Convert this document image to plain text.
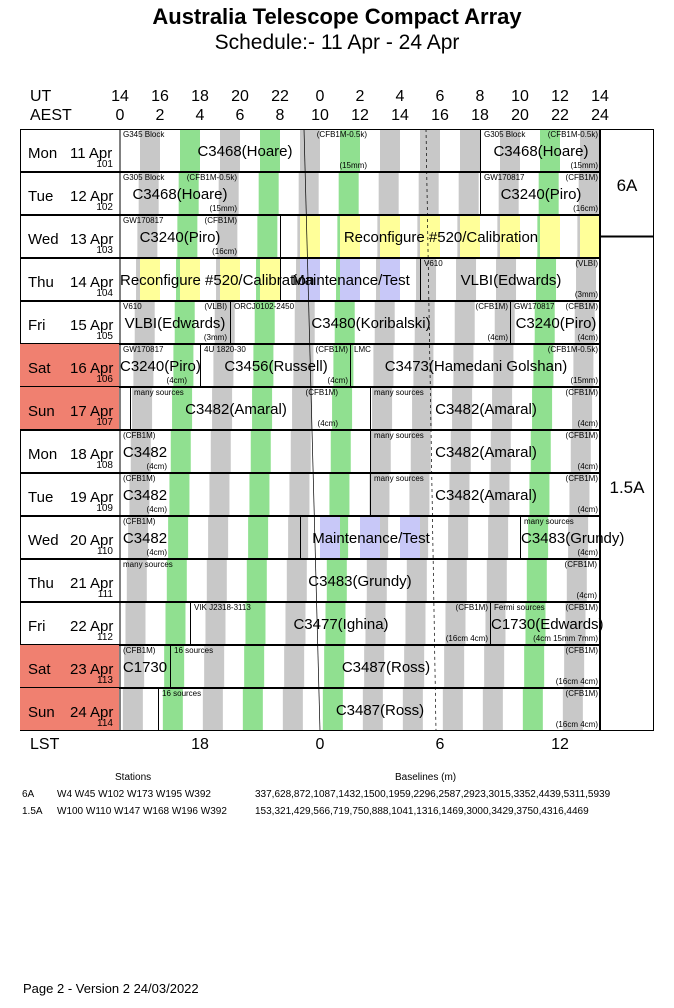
Australia Telescope Compact Array
Schedule:- 11 Apr - 24 Apr
UT
AEST
14	16	18	20	22	0	2	4	6	8	10	12	14
0	2	4	6	8	10	12	14	16	18	20	22	24
Mon 11 Apr
101
G345 Block	(CFB1M-0.5k)
C3468(Hoare)
(15mm)
G305 Block	(CFB1M-0.5k)
C3468(Hoare)
(15mm)
Tue 12 Apr
102
G305 Block	(CFB1M-0.5k)
C3468(Hoare)
(15mm)
GW170817	(CFB1M)
C3240(Piro)
(16cm)
Wed 13 Apr
103
GW170817	(CFB1M)
C3240(Piro)
(16cm)
Reconfigure #520/Calibration
Thu 14 Apr
104
Reconfigure #520/Calibration
Maintenance/Test
V610	(VLBI)
VLBI(Edwards)
(3mm)
Fri 15 Apr
105
V610	(VLBI)
VLBI(Edwards)
(3mm)
ORCJ0102-2450	(CFB1M)
C3480(Koribalski)
(4cm)
GW170817 (CFB1M)
C3240(Piro)
(4cm)
Sat 16 Apr
106
GW170817
C3240(Piro)
(4cm)
4U 1820-30	(CFB1M)
C3456(Russell)
(4cm)
LMC	(CFB1M-0.5k)
C3473(Hamedani Golshan)
(15mm)
Sun 17 Apr
107
many sources	(CFB1M)
C3482(Amaral)
(4cm)
many sources	(CFB1M)
C3482(Amaral)
(4cm)
Mon 18 Apr
108
(CFB1M)
C3482
(4cm)
many sources	(CFB1M)
C3482(Amaral)
(4cm)
Tue 19 Apr
109
(CFB1M)
C3482
(4cm)
many sources	(CFB1M)
C3482(Amaral)
(4cm)
Wed 20 Apr
110
(CFB1M)
C3482
(4cm)
Maintenance/Test
many sources
C3483(Grundy)
(4cm)
Thu 21 Apr
111
many sources	(CFB1M)
C3483(Grundy)
(4cm)
Fri 22 Apr
112
VIK J2318-3113	(CFB1M)
C3477(Ighina)
(16cm 4cm)
Fermi sources	(CFB1M)
C1730(Edwards)
(4cm 15mm 7mm)
Sat 23 Apr
113
(CFB1M)
C1730
16 sources	(CFB1M)
C3487(Ross)
(16cm 4cm)
Sun 24 Apr
114
16 sources	(CFB1M)
C3487(Ross)
(16cm 4cm)
6A
1.5A
LST	18	0	6	12
Stations	Baselines (m)
6A W4 W45 W102 W173 W195 W392	337,628,872,1087,1432,1500,1959,2296,2587,2923,3015,3352,4439,5311,5939
1.5A W100 W110 W147 W168 W196 W392	153,321,429,566,719,750,888,1041,1316,1469,3000,3429,3750,4316,4469
Page 2 - Version 2 24/03/2022
